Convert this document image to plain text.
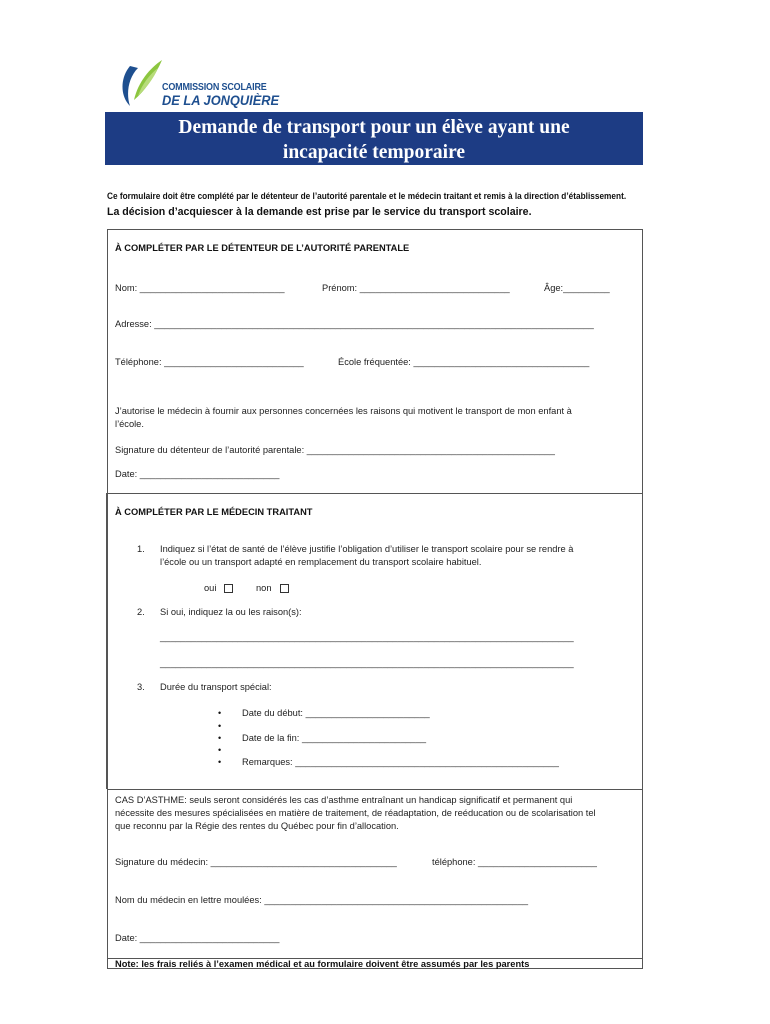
COMMISSION SCOLAIRE
DE LA JONQUIÈRE
Demande de transport pour un élève ayant une
incapacité temporaire
Ce formulaire doit être complété par le détenteur de l’autorité parentale et le médecin traitant et remis à la direction d’établissement.
La décision d’acquiescer à la demande est prise par le service du transport scolaire.
À COMPLÉTER PAR LE DÉTENTEUR DE L’AUTORITÉ PARENTALE
Nom: ____________________________	Prénom: _____________________________	Âge:_________
Adresse: _____________________________________________________________________________________
Téléphone: ___________________________	École fréquentée: __________________________________
J’autorise le médecin à fournir aux personnes concernées les raisons qui motivent le transport de mon enfant à
l’école.
Signature du détenteur de l’autorité parentale: ________________________________________________
Date: ___________________________
À COMPLÉTER PAR LE MÉDECIN TRAITANT
1. Indiquez si l’état de santé de l’élève justifie l’obligation d’utiliser le transport scolaire pour se rendre à
l’école ou un transport adapté en remplacement du transport scolaire habituel.
oui	non
2. Si oui, indiquez la ou les raison(s):
________________________________________________________________________________
________________________________________________________________________________
3. Durée du transport spécial:
• Date du début: ________________________
•
• Date de la fin: ________________________
•
• Remarques: ___________________________________________________
CAS D’ASTHME: seuls seront considérés les cas d’asthme entraînant un handicap significatif et permanent qui
nécessite des mesures spécialisées en matière de traitement, de réadaptation, de reéducation ou de scolarisation tel
que reconnu par la Régie des rentes du Québec pour fin d’allocation.
Signature du médecin: ____________________________________	téléphone: _______________________
Nom du médecin en lettre moulées: ___________________________________________________
Date: ___________________________
Note: les frais reliés à l’examen médical et au formulaire doivent être assumés par les parents
